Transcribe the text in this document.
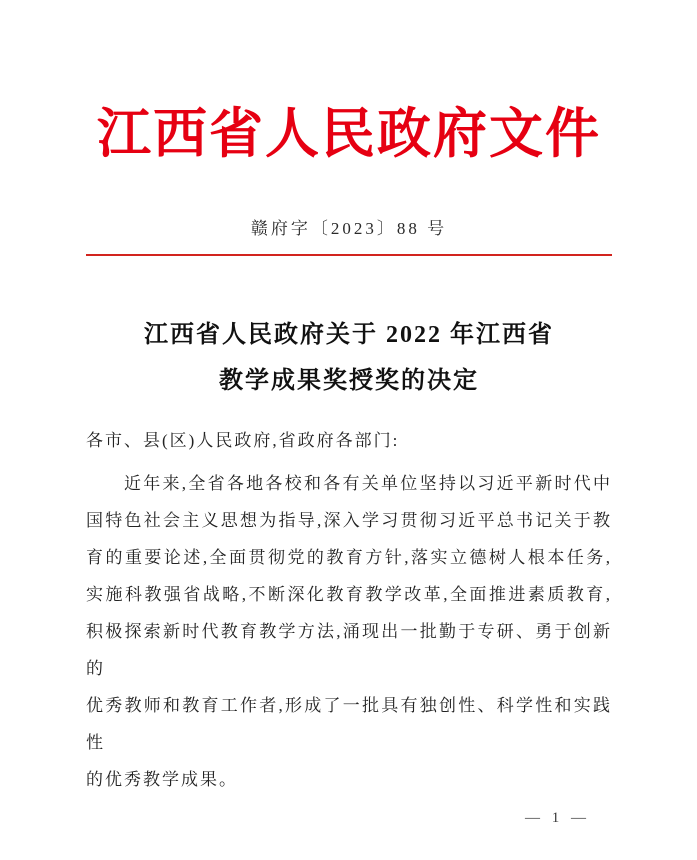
江西省人民政府文件
赣府字〔2023〕88 号
江西省人民政府关于 2022 年江西省
教学成果奖授奖的决定
各市、县(区)人民政府,省政府各部门:
近年来,全省各地各校和各有关单位坚持以习近平新时代中
国特色社会主义思想为指导,深入学习贯彻习近平总书记关于教
育的重要论述,全面贯彻党的教育方针,落实立德树人根本任务,
实施科教强省战略,不断深化教育教学改革,全面推进素质教育,
积极探索新时代教育教学方法,涌现出一批勤于专研、勇于创新的
优秀教师和教育工作者,形成了一批具有独创性、科学性和实践性
的优秀教学成果。
— 1 —
